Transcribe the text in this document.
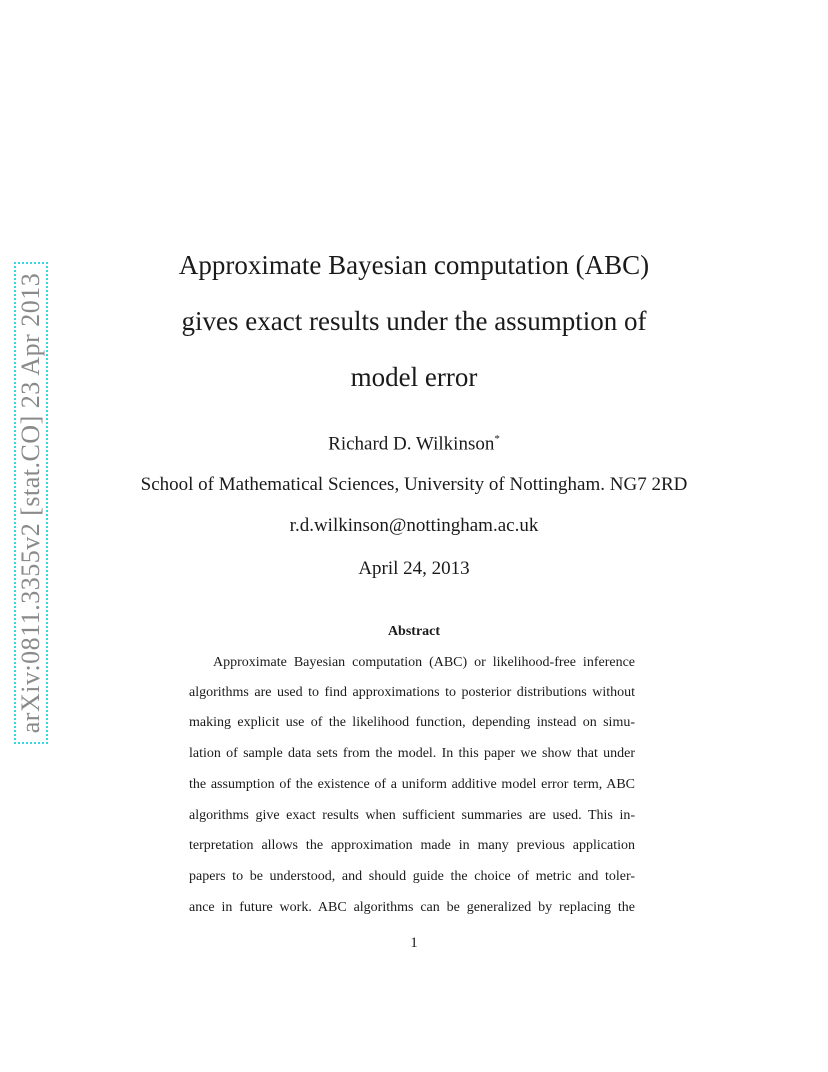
arXiv:0811.3355v2 [stat.CO] 23 Apr 2013
Approximate Bayesian computation (ABC)
gives exact results under the assumption of
model error
Richard D. Wilkinson*
School of Mathematical Sciences, University of Nottingham. NG7 2RD
r.d.wilkinson@nottingham.ac.uk
April 24, 2013
Abstract
Approximate Bayesian computation (ABC) or likelihood-free inference
algorithms are used to find approximations to posterior distributions without
making explicit use of the likelihood function, depending instead on simu-
lation of sample data sets from the model. In this paper we show that under
the assumption of the existence of a uniform additive model error term, ABC
algorithms give exact results when sufficient summaries are used. This in-
terpretation allows the approximation made in many previous application
papers to be understood, and should guide the choice of metric and toler-
ance in future work. ABC algorithms can be generalized by replacing the
1
